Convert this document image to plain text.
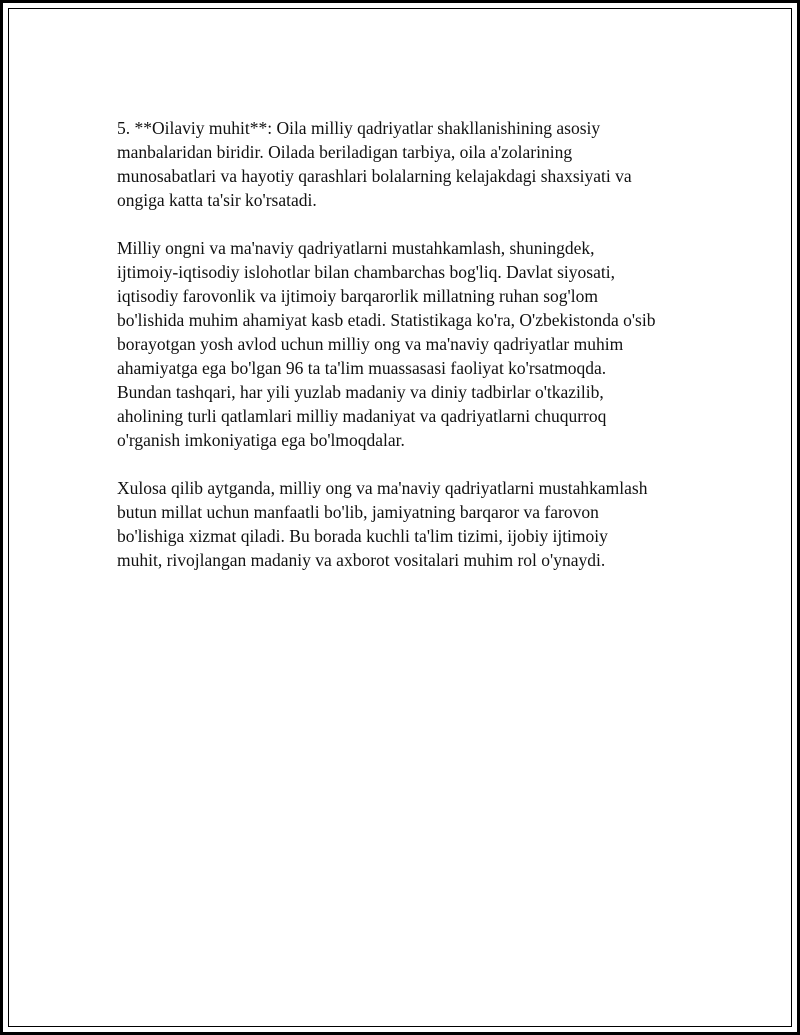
5. **Oilaviy muhit**: Oila milliy qadriyatlar shakllanishining asosiy
manbalaridan biridir. Oilada beriladigan tarbiya, oila a'zolarining
munosabatlari va hayotiy qarashlari bolalarning kelajakdagi shaxsiyati va
ongiga katta ta'sir ko'rsatadi.

Milliy ongni va ma'naviy qadriyatlarni mustahkamlash, shuningdek,
ijtimoiy-iqtisodiy islohotlar bilan chambarchas bog'liq. Davlat siyosati,
iqtisodiy farovonlik va ijtimoiy barqarorlik millatning ruhan sog'lom
bo'lishida muhim ahamiyat kasb etadi. Statistikaga ko'ra, O'zbekistonda o'sib
borayotgan yosh avlod uchun milliy ong va ma'naviy qadriyatlar muhim
ahamiyatga ega bo'lgan 96 ta ta'lim muassasasi faoliyat ko'rsatmoqda.
Bundan tashqari, har yili yuzlab madaniy va diniy tadbirlar o'tkazilib,
aholining turli qatlamlari milliy madaniyat va qadriyatlarni chuqurroq
o'rganish imkoniyatiga ega bo'lmoqdalar.

Xulosa qilib aytganda, milliy ong va ma'naviy qadriyatlarni mustahkamlash
butun millat uchun manfaatli bo'lib, jamiyatning barqaror va farovon
bo'lishiga xizmat qiladi. Bu borada kuchli ta'lim tizimi, ijobiy ijtimoiy
muhit, rivojlangan madaniy va axborot vositalari muhim rol o'ynaydi.
